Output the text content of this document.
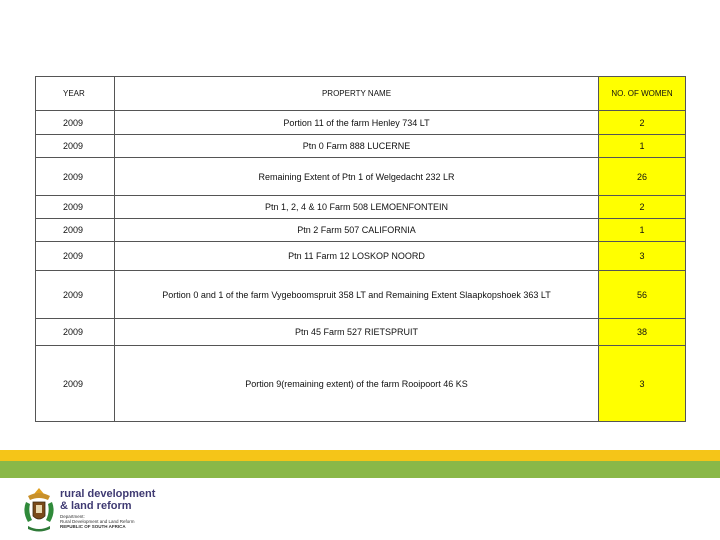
YEAR	PROPERTY NAME	NO. OF WOMEN
2009	Portion 11 of the farm Henley 734 LT	2
2009	Ptn 0 Farm 888 LUCERNE	1
2009	Remaining Extent of Ptn 1 of Welgedacht 232 LR	26
2009	Ptn 1, 2, 4 & 10 Farm 508 LEMOENFONTEIN	2
2009	Ptn 2 Farm 507 CALIFORNIA	1
2009	Ptn 11 Farm 12 LOSKOP NOORD	3
2009	Portion 0 and 1 of the farm Vygeboomspruit 358 LT and Remaining Extent Slaapkopshoek 363 LT	56
2009	Ptn 45 Farm 527 RIETSPRUIT	38
2009	Portion 9(remaining extent) of the farm Rooipoort 46 KS	3
rural development
& land reform
Department:
Rural Development and Land Reform
REPUBLIC OF SOUTH AFRICA
